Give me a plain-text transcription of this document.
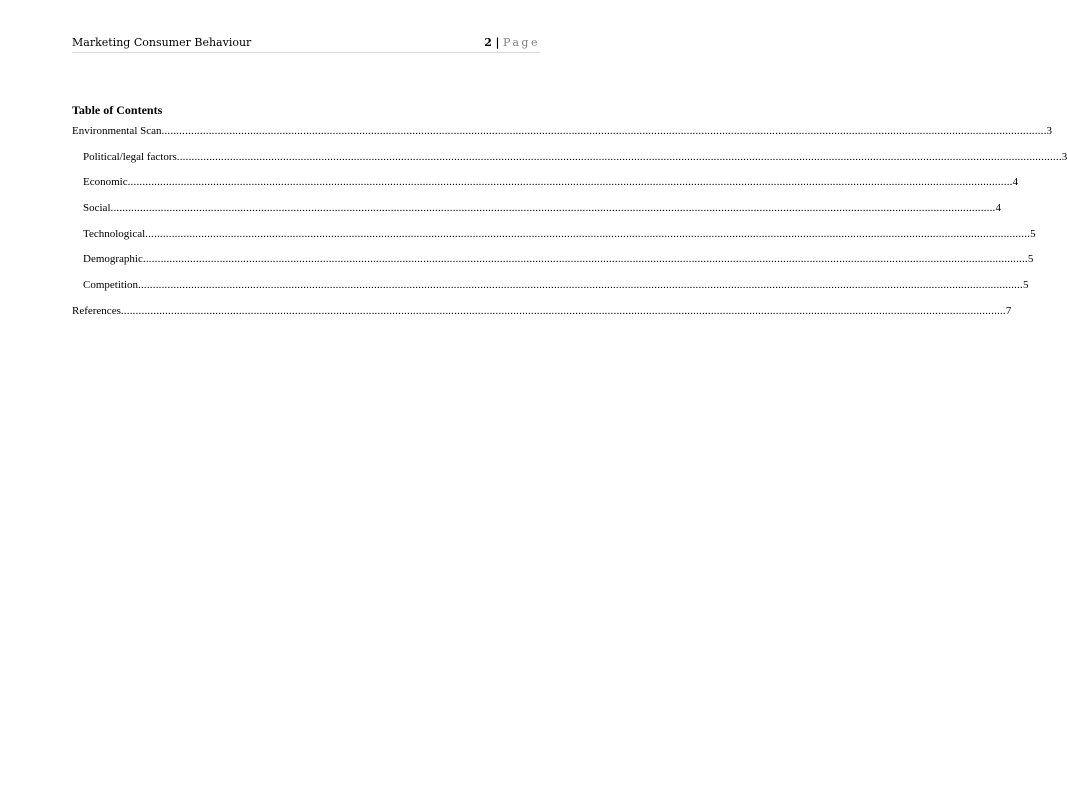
Marketing Consumer Behaviour	2 | Page
Table of Contents
Environmental Scan ............................................................................................................................................................................................................................................................................................................ 3
Political/legal factors ............................................................................................................................................................................................................................................................................................................ 3
Economic ............................................................................................................................................................................................................................................................................................................ 4
Social ............................................................................................................................................................................................................................................................................................................ 4
Technological ............................................................................................................................................................................................................................................................................................................ 5
Demographic ............................................................................................................................................................................................................................................................................................................ 5
Competition ............................................................................................................................................................................................................................................................................................................ 5
References ............................................................................................................................................................................................................................................................................................................ 7
